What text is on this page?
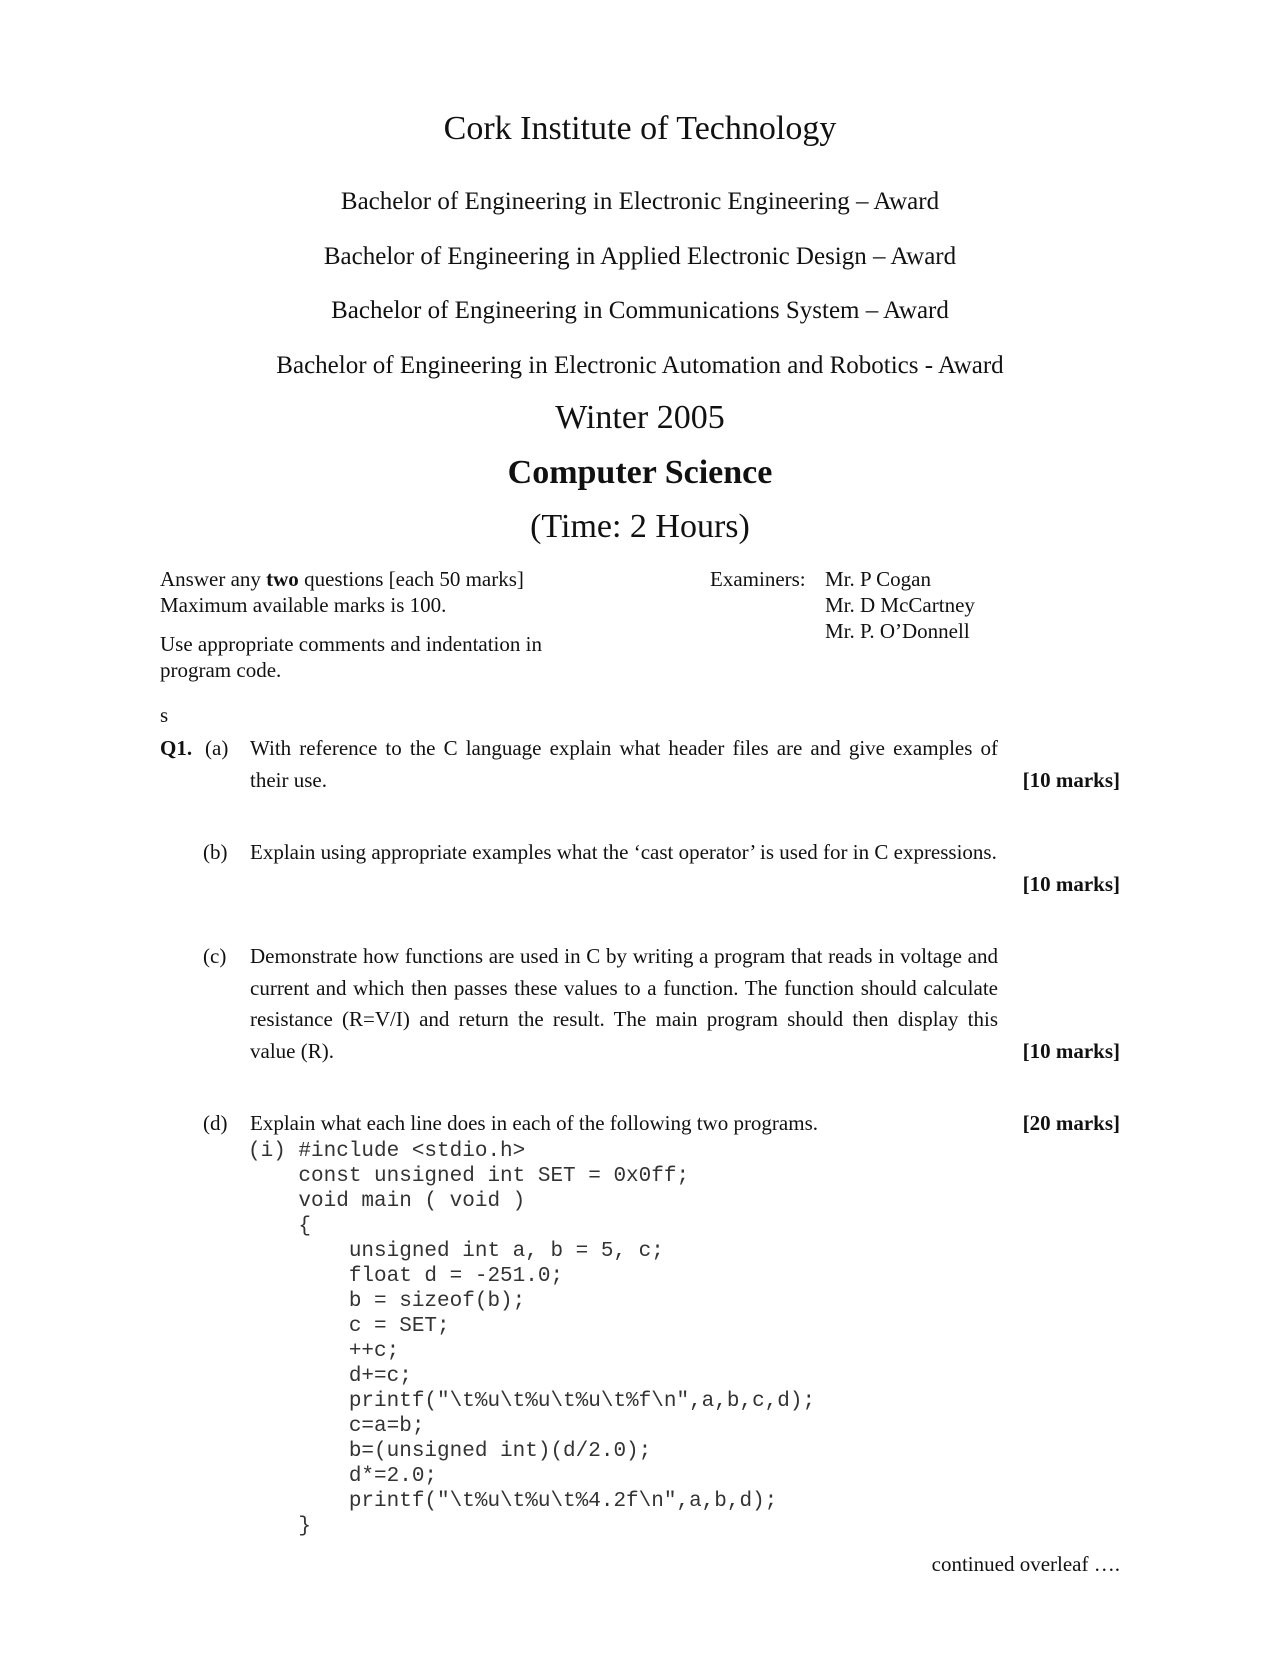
Cork Institute of Technology
Bachelor of Engineering in Electronic Engineering – Award
Bachelor of Engineering in Applied Electronic Design – Award
Bachelor of Engineering in Communications System – Award
Bachelor of Engineering in Electronic Automation and Robotics - Award
Winter 2005
Computer Science
(Time: 2 Hours)
Answer any two questions [each 50 marks]
Maximum available marks is 100.
Use appropriate comments and indentation in
program code.
Examiners: Mr. P Cogan
Mr. D McCartney
Mr. P. O’Donnell
s
Q1. (a) With reference to the C language explain what header files are and give examples of their use.	[10 marks]
(b) Explain using appropriate examples what the ‘cast operator’ is used for in C expressions.
[10 marks]
(c) Demonstrate how functions are used in C by writing a program that reads in voltage and current and which then passes these values to a function. The function should calculate resistance (R=V/I) and return the result. The main program should then display this value (R).	[10 marks]
(d) Explain what each line does in each of the following two programs.	[20 marks]
(i) #include <stdio.h>
const unsigned int SET = 0x0ff;
void main ( void )
{
unsigned int a, b = 5, c;
float d = -251.0;
b = sizeof(b);
c = SET;
++c;
d+=c;
printf("\t%u\t%u\t%u\t%f\n",a,b,c,d);
c=a=b;
b=(unsigned int)(d/2.0);
d*=2.0;
printf("\t%u\t%u\t%4.2f\n",a,b,d);
}
continued overleaf ….
